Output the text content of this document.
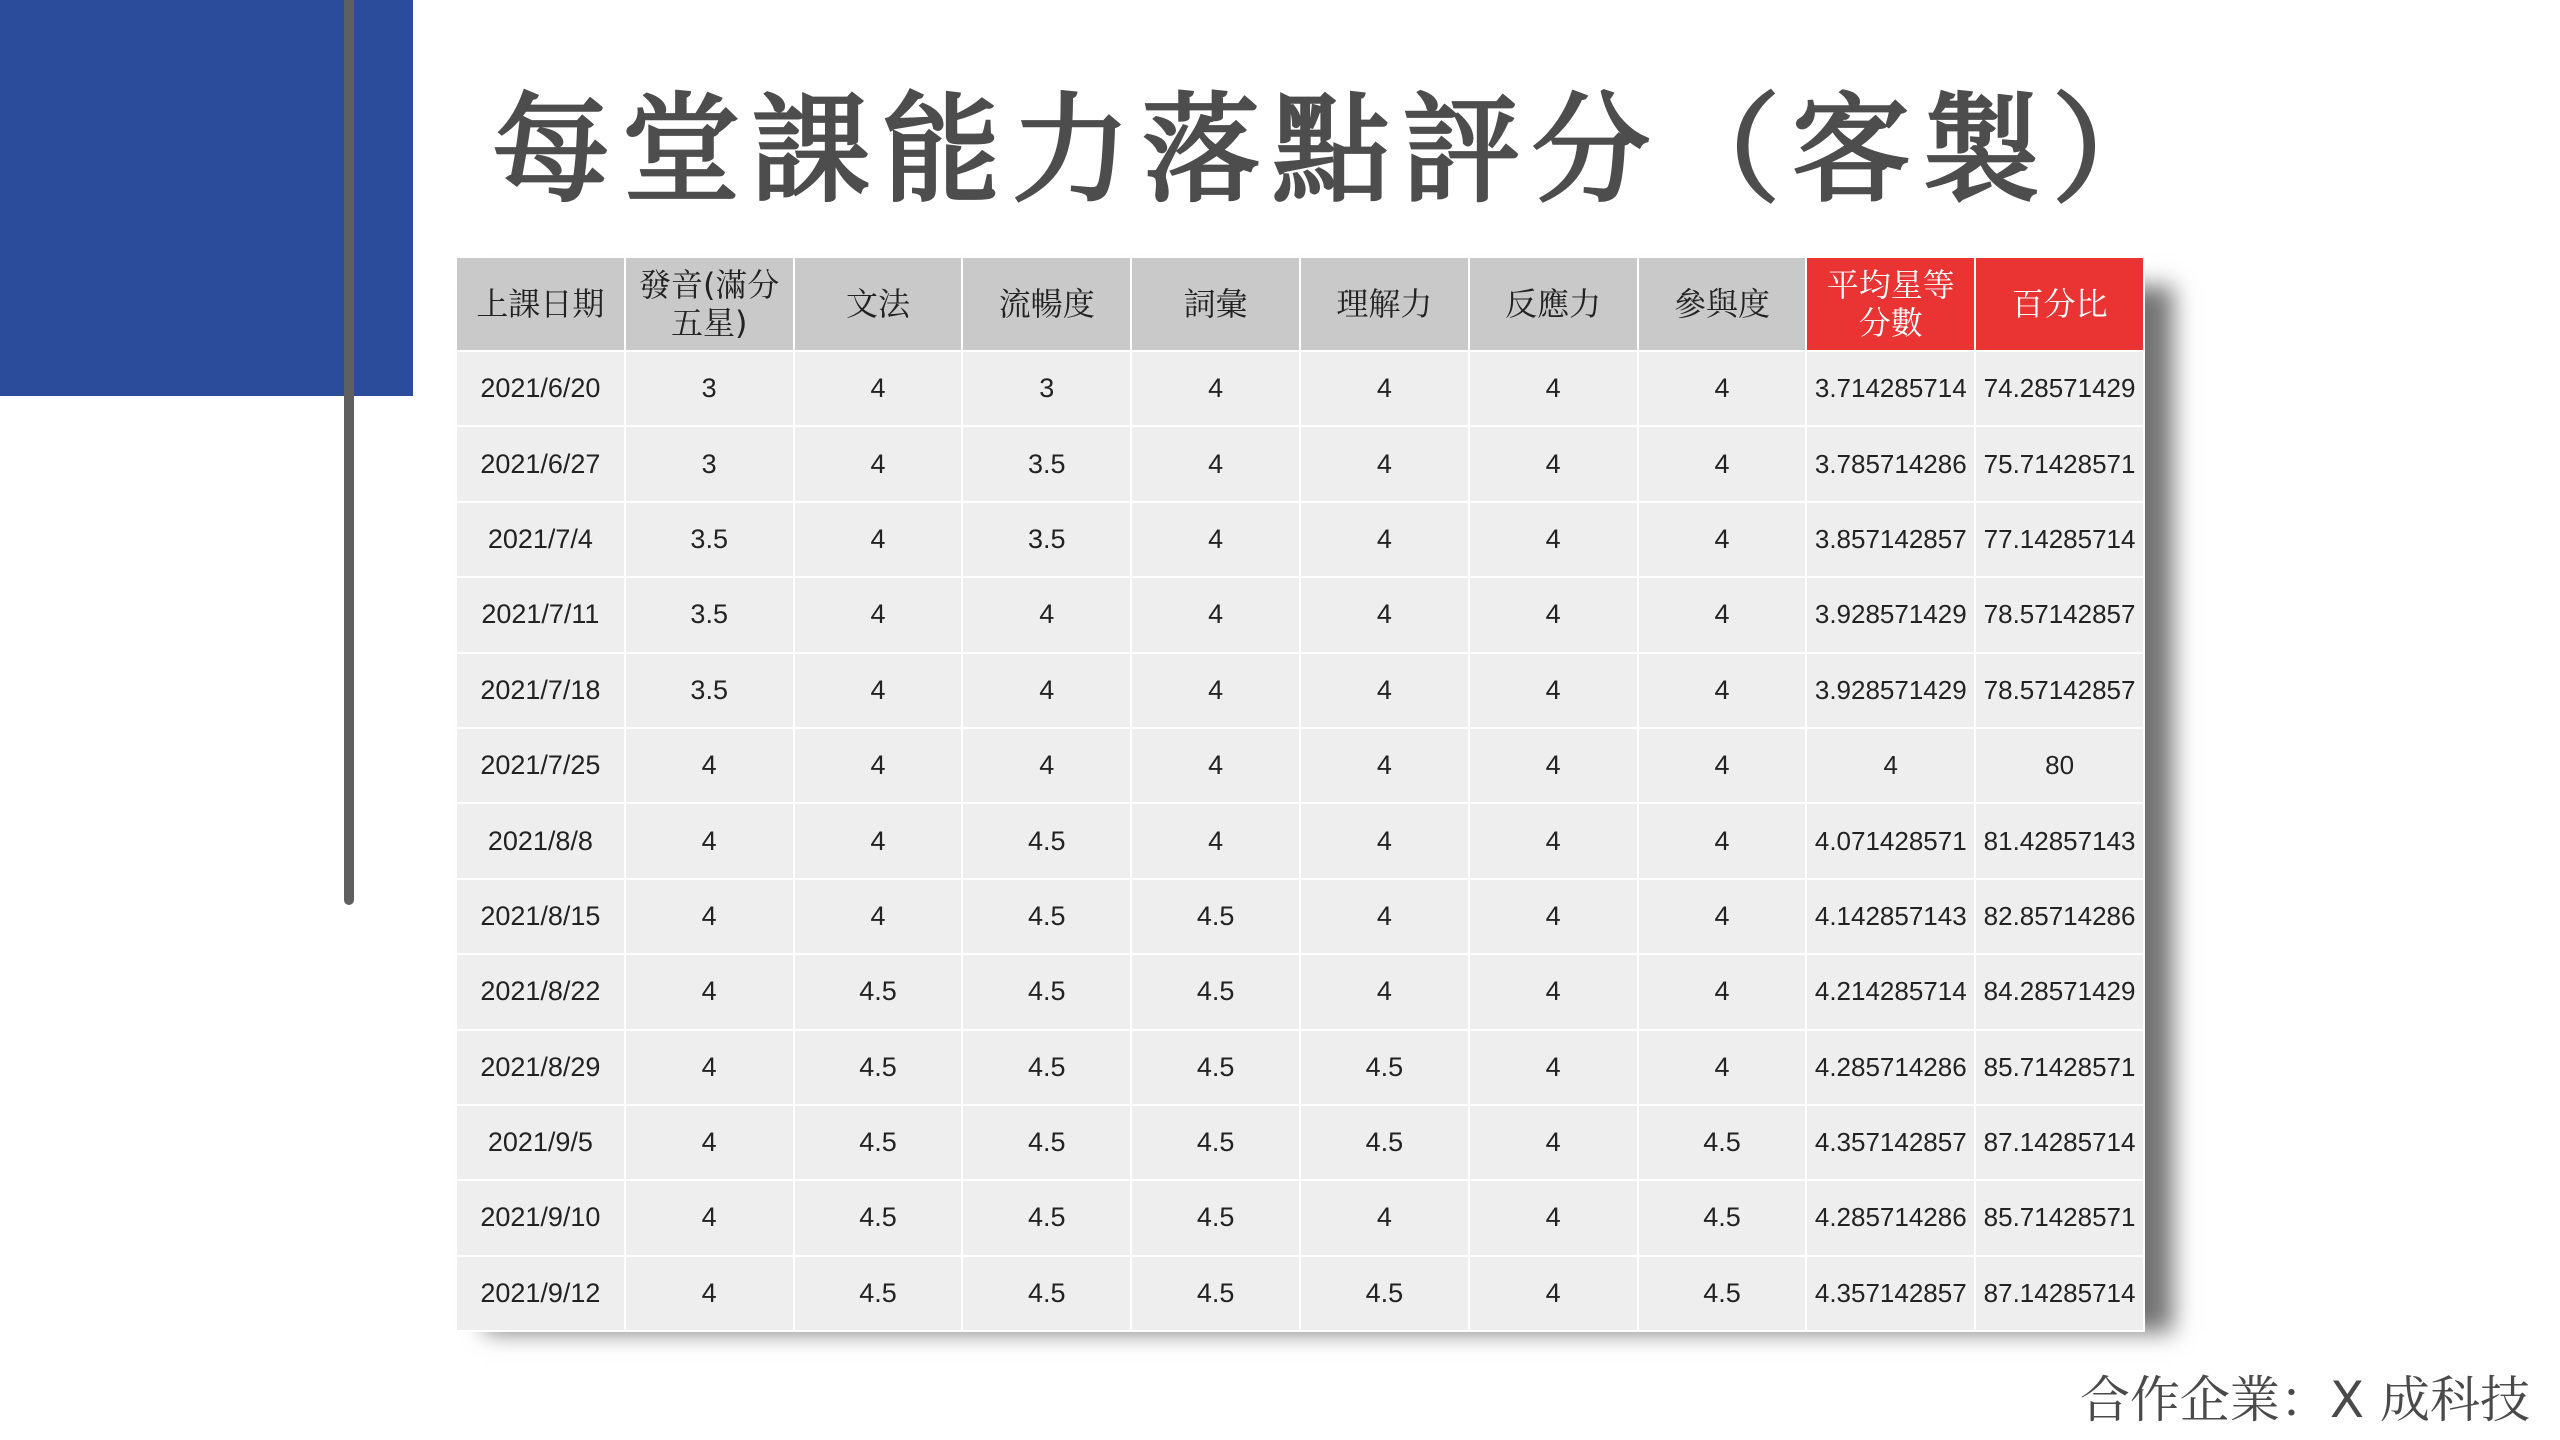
每堂課能力落點評分（客製）
上課日期	發音(滿分五星)	文法	流暢度	詞彙	理解力	反應力	參與度	平均星等分數	百分比
2021/6/20	3	4	3	4	4	4	4	3.714285714	74.28571429
2021/6/27	3	4	3.5	4	4	4	4	3.785714286	75.71428571
2021/7/4	3.5	4	3.5	4	4	4	4	3.857142857	77.14285714
2021/7/11	3.5	4	4	4	4	4	4	3.928571429	78.57142857
2021/7/18	3.5	4	4	4	4	4	4	3.928571429	78.57142857
2021/7/25	4	4	4	4	4	4	4	4	80
2021/8/8	4	4	4.5	4	4	4	4	4.071428571	81.42857143
2021/8/15	4	4	4.5	4.5	4	4	4	4.142857143	82.85714286
2021/8/22	4	4.5	4.5	4.5	4	4	4	4.214285714	84.28571429
2021/8/29	4	4.5	4.5	4.5	4.5	4	4	4.285714286	85.71428571
2021/9/5	4	4.5	4.5	4.5	4.5	4	4.5	4.357142857	87.14285714
2021/9/10	4	4.5	4.5	4.5	4	4	4.5	4.285714286	85.71428571
2021/9/12	4	4.5	4.5	4.5	4.5	4	4.5	4.357142857	87.14285714
合作企業：X 成科技
